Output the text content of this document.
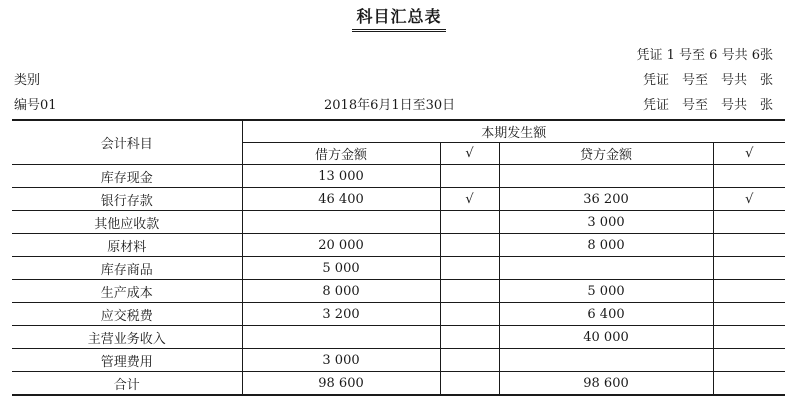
科目汇总表
凭证 1 号至 6 号共 6张
类别	凭证　号至　号共　张
编号01	2018年6月1日至30日	凭证　号至　号共　张
会计科目	本期发生额			
	借方金额	√	贷方金额	√
库存现金	13 000			
银行存款	46 400	√	36 200	√
其他应收款			3 000	
原材料	20 000		8 000	
库存商品	5 000			
生产成本	8 000		5 000	
应交税费	3 200		6 400	
主营业务收入			40 000	
管理费用	3 000			
合计	98 600		98 600	
